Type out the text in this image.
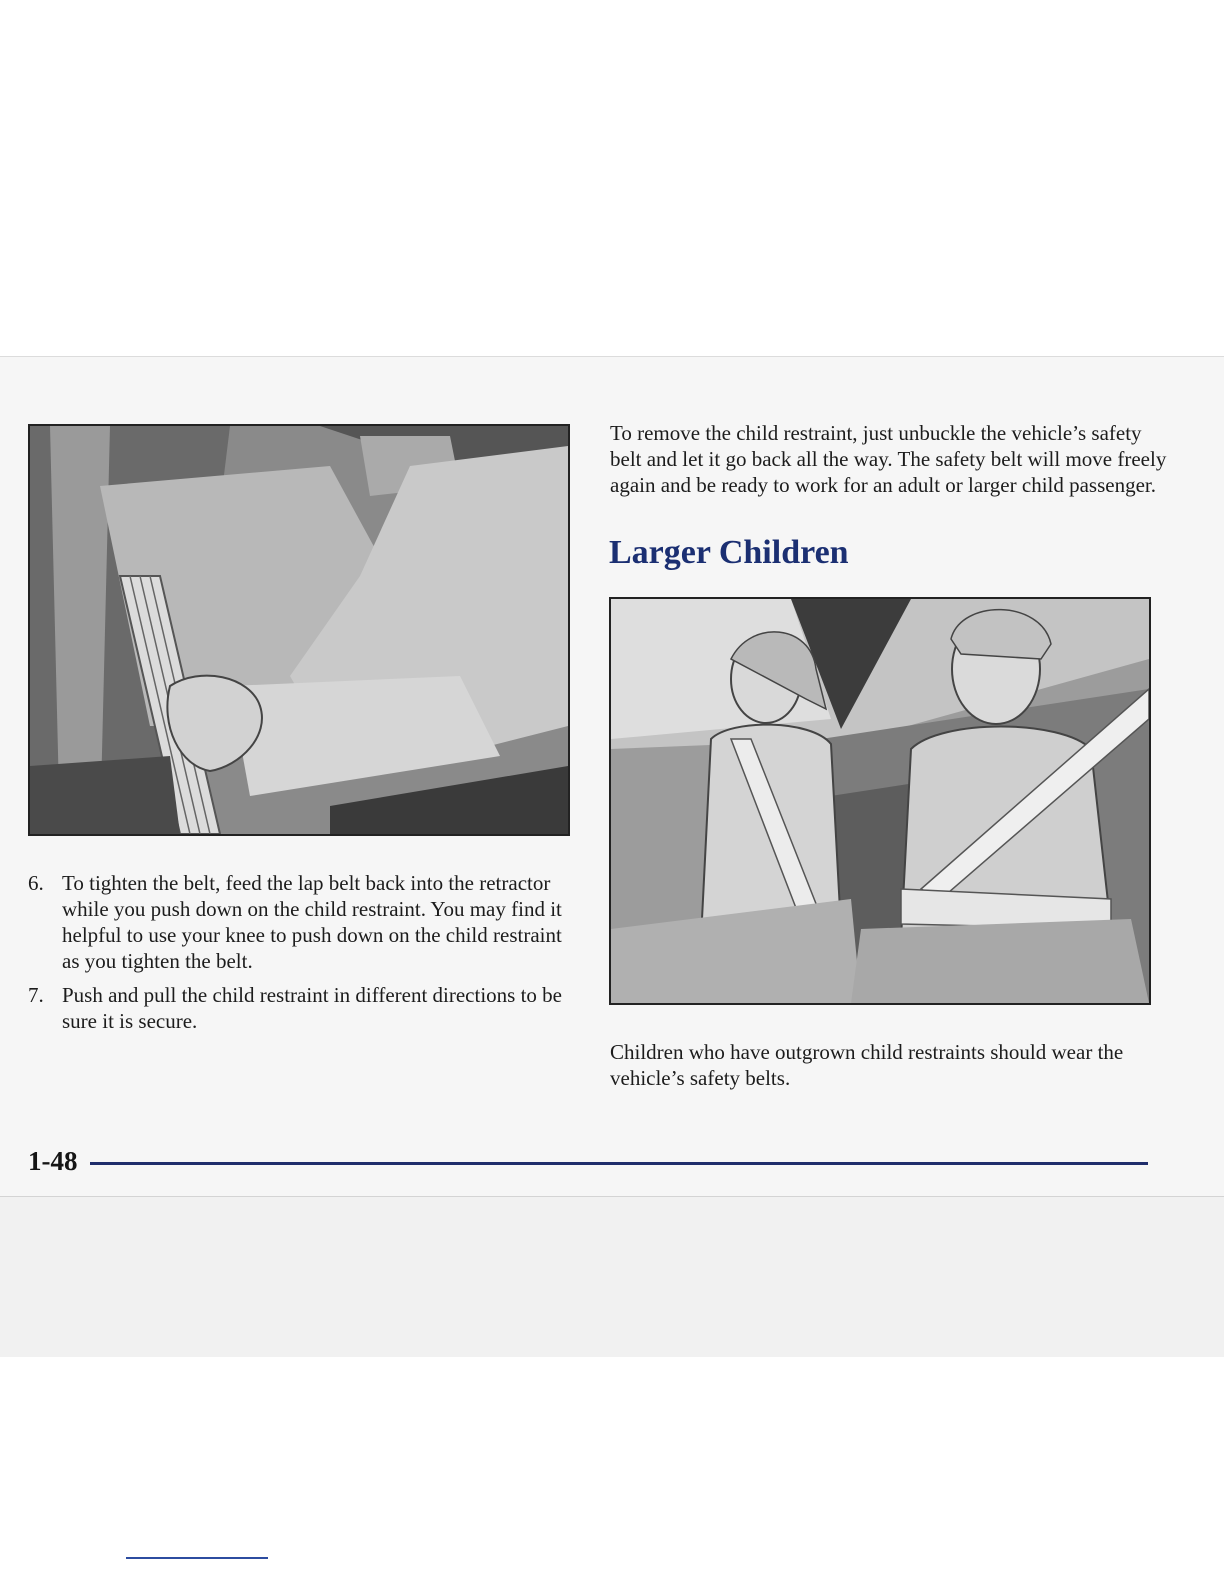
6. To tighten the belt, feed the lap belt back into the retractor while you push down on the child restraint. You may find it helpful to use your knee to push down on the child restraint as you tighten the belt.
7. Push and pull the child restraint in different directions to be sure it is secure.

To remove the child restraint, just unbuckle the vehicle’s safety belt and let it go back all the way. The safety belt will move freely again and be ready to work for an adult or larger child passenger.

Larger Children

Children who have outgrown child restraints should wear the vehicle’s safety belts.

1-48
